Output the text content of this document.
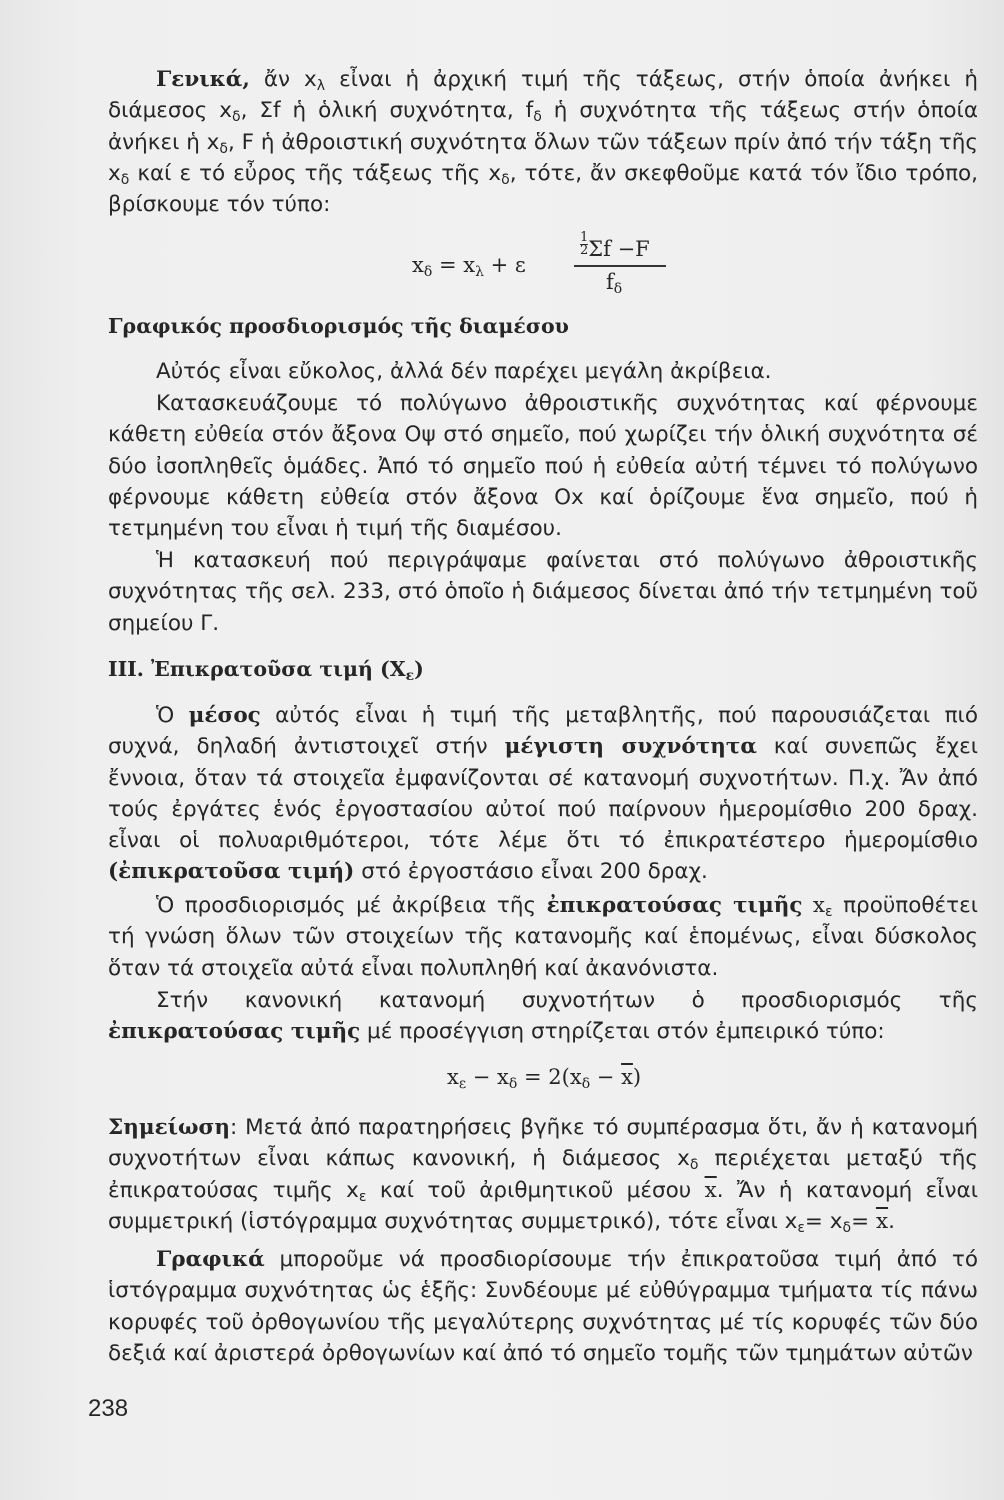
Γενικά, ἄν $x_\lambda$ εἶναι ἡ ἀρχική τιμή τῆς τάξεως, στήν ὁποία ἀνήκει ἡ διάμεσος $x_\delta$, Σf ἡ ὁλική συχνότητα, $f_\delta$ ἡ συχνότητα τῆς τάξεως στήν ὁποία ἀνήκει ἡ $x_\delta$, F ἡ ἀθροιστική συχνότητα ὅλων τῶν τάξεων πρίν ἀπό τήν τάξη τῆς $x_\delta$ καί ε τό εὖρος τῆς τάξεως τῆς $x_\delta$, τότε, ἄν σκεφθοῦμε κατά τόν ἴδιο τρόπο, βρίσκουμε τόν τύπο:

$x_\delta = x_\lambda + \varepsilon$
$\frac{1}{2}$ Σf −F
$f_\delta$
Γραφικός προσδιορισμός τῆς διαμέσου

Αὐτός εἶναι εὔκολος, ἀλλά δέν παρέχει μεγάλη ἀκρίβεια.

Κατασκευάζουμε τό πολύγωνο ἀθροιστικῆς συχνότητας καί φέρνουμε κάθετη εὐθεία στόν ἄξονα Οψ στό σημεῖο, πού χωρίζει τήν ὁλική συχνότητα σέ δύο ἰσοπληθεῖς ὁμάδες. Ἀπό τό σημεῖο πού ἡ εὐθεία αὐτή τέμνει τό πολύγωνο φέρνουμε κάθετη εὐθεία στόν ἄξονα Οx καί ὁρίζουμε ἕνα σημεῖο, πού ἡ τετμημένη του εἶναι ἡ τιμή τῆς διαμέσου.

Ἡ κατασκευή πού περιγράψαμε φαίνεται στό πολύγωνο ἀθροιστικῆς συχνότητας τῆς σελ. 233, στό ὁποῖο ἡ διάμεσος δίνεται ἀπό τήν τετμημένη τοῦ σημείου Γ.

III. Ἐπικρατοῦσα τιμή $(X_\varepsilon)$

Ὁ μέσος αὐτός εἶναι ἡ τιμή τῆς μεταβλητῆς, πού παρουσιάζεται πιό συχνά, δηλαδή ἀντιστοιχεῖ στήν μέγιστη συχνότητα καί συνεπῶς ἔχει ἔννοια, ὅταν τά στοιχεῖα ἐμφανίζονται σέ κατανομή συχνοτήτων. Π.χ. Ἄν ἀπό τούς ἐργάτες ἑνός ἐργοστασίου αὐτοί πού παίρνουν ἡμερομίσθιο 200 δραχ. εἶναι οἱ πολυαριθμότεροι, τότε λέμε ὅτι τό ἐπικρατέστερο ἡμερομίσθιο (ἐπικρατοῦσα τιμή) στό ἐργοστάσιο εἶναι 200 δραχ.

Ὁ προσδιορισμός μέ ἀκρίβεια τῆς ἐπικρατούσας τιμῆς $x_\varepsilon$ προϋποθέτει τή γνώση ὅλων τῶν στοιχείων τῆς κατανομῆς καί ἑπομένως, εἶναι δύσκολος ὅταν τά στοιχεῖα αὐτά εἶναι πολυπληθή καί ἀκανόνιστα.

Στήν κανονική κατανομή συχνοτήτων ὁ προσδιορισμός τῆς ἐπικρατούσας τιμῆς μέ προσέγγιση στηρίζεται στόν ἐμπειρικό τύπο:

$x_\varepsilon - x_\delta = 2(x_\delta - \overline{x})$

Σημείωση: Μετά ἀπό παρατηρήσεις βγῆκε τό συμπέρασμα ὅτι, ἄν ἡ κατανομή συχνοτήτων εἶναι κάπως κανονική, ἡ διάμεσος $x_\delta$ περιέχεται μεταξύ τῆς ἐπικρατούσας τιμῆς $x_\varepsilon$ καί τοῦ ἀριθμητικοῦ μέσου $\overline{x}$. Ἄν ἡ κατανομή εἶναι συμμετρική (ἱστόγραμμα συχνότητας συμμετρικό), τότε εἶναι $x_\varepsilon= x_\delta= \overline{x}$.

Γραφικά μποροῦμε νά προσδιορίσουμε τήν ἐπικρατοῦσα τιμή ἀπό τό ἱστόγραμμα συχνότητας ὡς ἑξῆς: Συνδέουμε μέ εὐθύγραμμα τμήματα τίς πάνω κορυφές τοῦ ὀρθογωνίου τῆς μεγαλύτερης συχνότητας μέ τίς κορυφές τῶν δύο δεξιά καί ἀριστερά ὀρθογωνίων καί ἀπό τό σημεῖο τομῆς τῶν τμημάτων αὐτῶν

238
